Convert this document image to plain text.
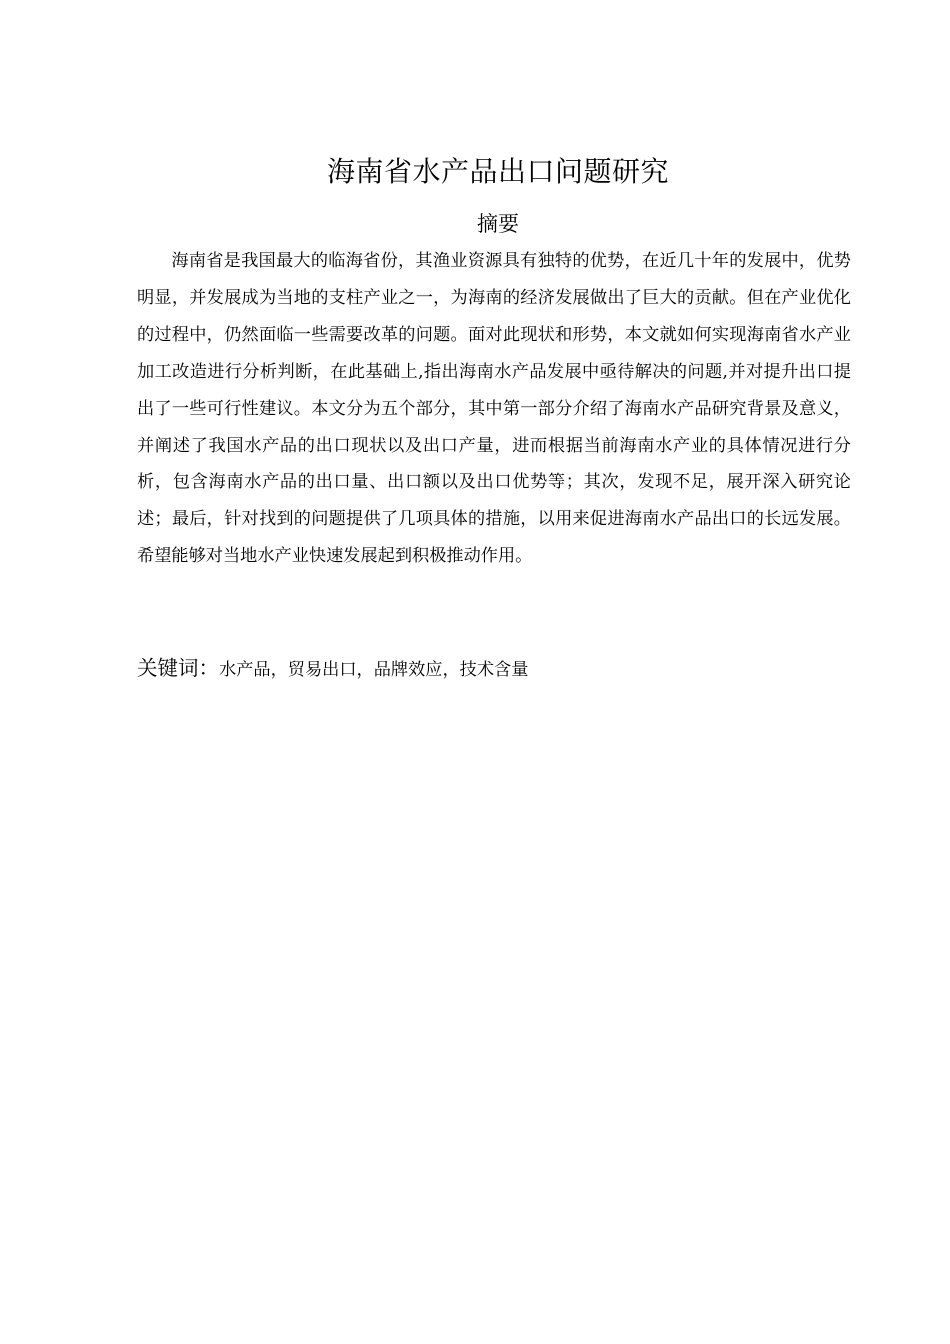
海南省水产品出口问题研究
摘要

海南省是我国最大的临海省份，其渔业资源具有独特的优势，在近几十年的发展中，优势明显，并发展成为当地的支柱产业之一，为海南的经济发展做出了巨大的贡献。但在产业优化的过程中，仍然面临一些需要改革的问题。面对此现状和形势，本文就如何实现海南省水产业加工改造进行分析判断，在此基础上,指出海南水产品发展中亟待解决的问题,并对提升出口提出了一些可行性建议。本文分为五个部分，其中第一部分介绍了海南水产品研究背景及意义，并阐述了我国水产品的出口现状以及出口产量，进而根据当前海南水产业的具体情况进行分析，包含海南水产品的出口量、出口额以及出口优势等；其次，发现不足，展开深入研究论述；最后，针对找到的问题提供了几项具体的措施，以用来促进海南水产品出口的长远发展。希望能够对当地水产业快速发展起到积极推动作用。

关键词：水产品，贸易出口，品牌效应，技术含量
